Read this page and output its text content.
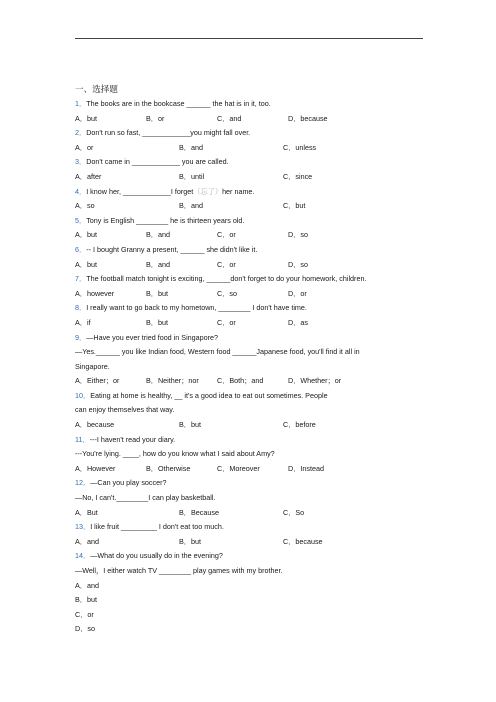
一、选择题
1．The books are in the bookcase ______ the hat is in it, too.
A．but	B．or	C．and	D．because
2．Don't run so fast, ____________you might fall over.
A．or	B．and	C．unless
3．Don't came in ____________ you are called.
A．after	B．until	C．since
4．I know her, ____________I forget（忘了）her name.
A．so	B．and	C．but
5．Tony is English ________ he is thirteen years old.
A．but	B．and	C．or	D．so
6．-- I bought Granny a present, ______ she didn't like it.
A．but	B．and	C．or	D．so
7．The football match tonight is exciting, ______don't forget to do your homework, children.
A．however	B．but	C．so	D．or
8．I really want to go back to my hometown, ________ I don't have time.
A．if	B．but	C．or	D．as
9．—Have you ever tried food in Singapore?
—Yes.______ you like Indian food, Western food ______Japanese food, you'll find it all in
Singapore.
A．Either；or	B．Neither；nor	C．Both；and	D．Whether；or
10．Eating at home is healthy, __ it's a good idea to eat out sometimes. People
can enjoy themselves that way.
A．because	B．but	C．before
11．---I haven't read your diary.
---You're lying. ____, how do you know what I said about Amy?
A．However	B．Otherwise	C．Moreover	D．Instead
12．—Can you play soccer?
—No, I can't.________I can play basketball.
A．But	B．Because	C．So
13．I like fruit _________ I don't eat too much.
A．and	B．but	C．because
14．—What do you usually do in the evening?
—Well，I either watch TV ________ play games with my brother.
A．and
B．but
C．or
D．so
